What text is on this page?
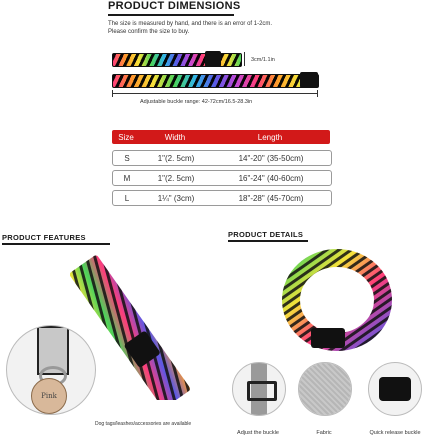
PRODUCT DIMENSIONS
The size is measured by hand, and there is an error of 1-2cm.
Please confirm the size to buy.
3cm/1.1in
Adjustable buckle range: 42-72cm/16.5-28.3in
Size	Width	Length
S	1"(2. 5cm)	14"-20" (35-50cm)
M	1"(2. 5cm)	16"-24" (40-60cm)
L	1¼" (3cm)	18"-28" (45-70cm)
PRODUCT FEATURES
Pink
Dog tags/leashes/accessories are available
PRODUCT DETAILS
Adjust the buckle	Fabric	Quick release buckle
